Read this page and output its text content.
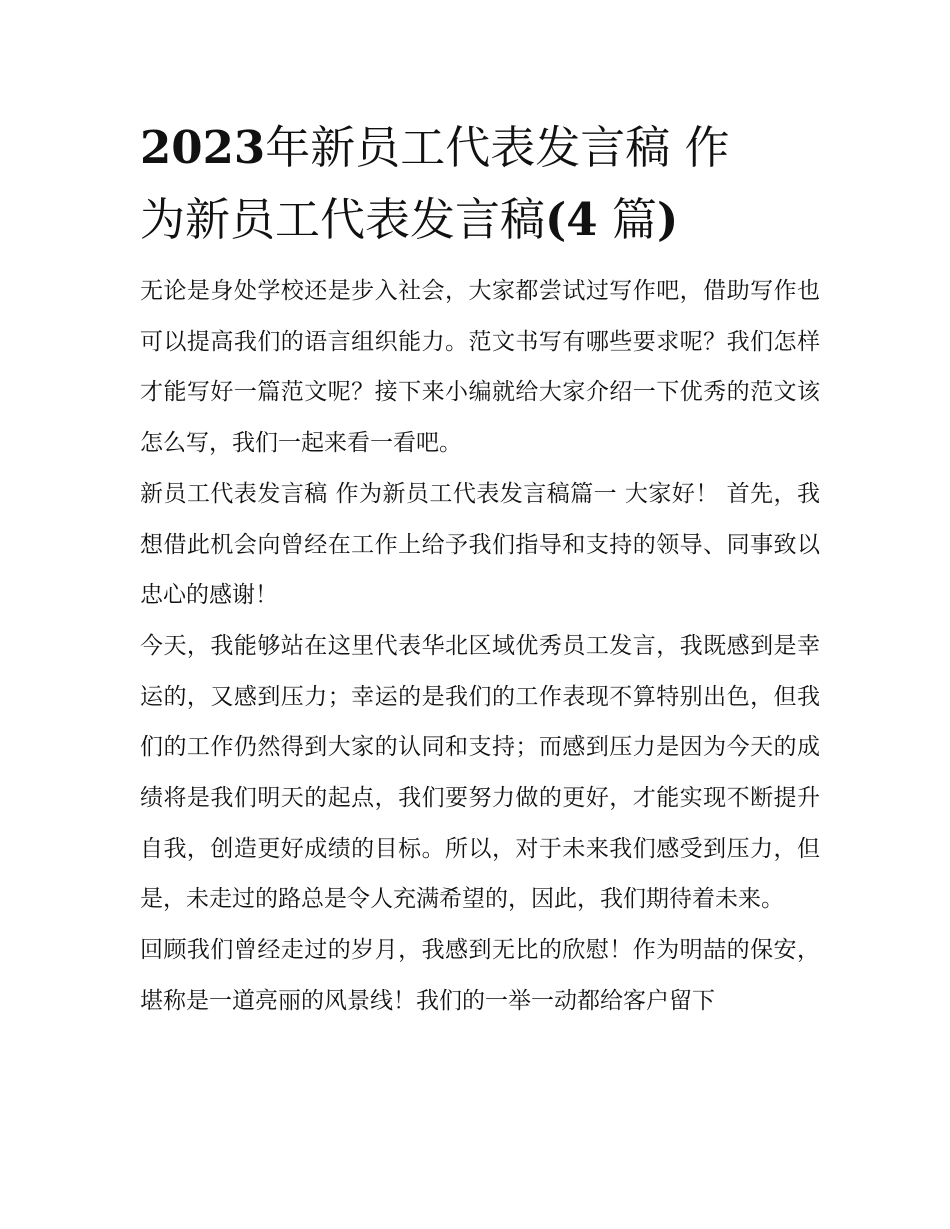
2023年新员工代表发言稿 作
为新员工代表发言稿(4 篇)

无论是身处学校还是步入社会，大家都尝试过写作吧，借助写作也可以提高我们的语言组织能力。范文书写有哪些要求呢？我们怎样才能写好一篇范文呢？接下来小编就给大家介绍一下优秀的范文该怎么写，我们一起来看一看吧。

新员工代表发言稿 作为新员工代表发言稿篇一 大家好！ 首先，我想借此机会向曾经在工作上给予我们指导和支持的领导、同事致以忠心的感谢！

今天，我能够站在这里代表华北区域优秀员工发言，我既感到是幸运的，又感到压力；幸运的是我们的工作表现不算特别出色，但我们的工作仍然得到大家的认同和支持；而感到压力是因为今天的成绩将是我们明天的起点，我们要努力做的更好，才能实现不断提升自我，创造更好成绩的目标。所以，对于未来我们感受到压力，但是，未走过的路总是令人充满希望的，因此，我们期待着未来。

回顾我们曾经走过的岁月，我感到无比的欣慰！作为明喆的保安，堪称是一道亮丽的风景线！我们的一举一动都给客户留下
